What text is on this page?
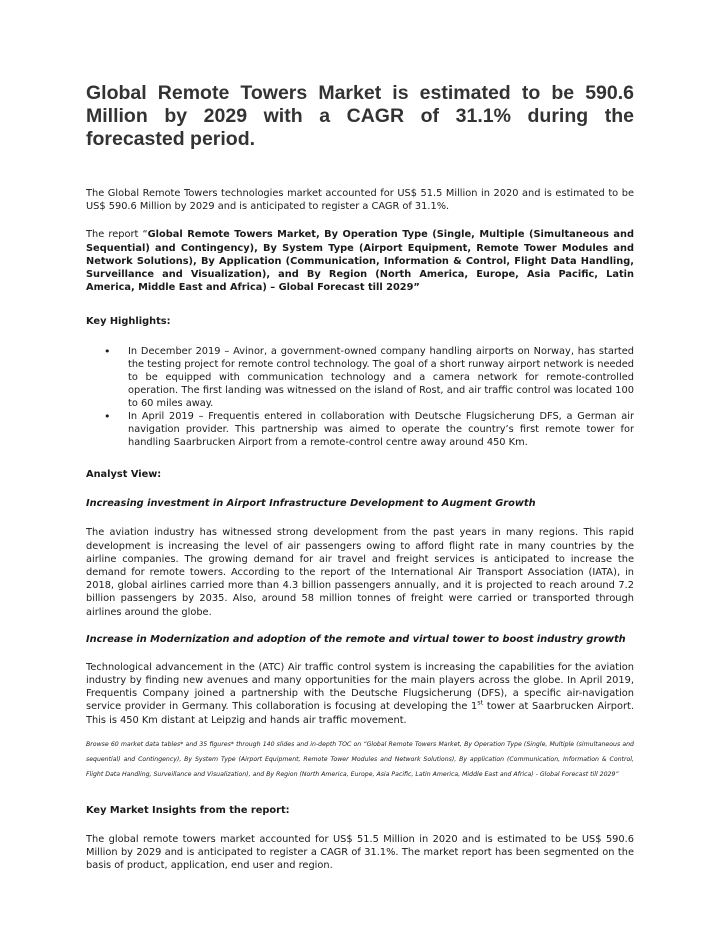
Global Remote Towers Market is estimated to be 590.6 Million by 2029 with a CAGR of 31.1% during the forecasted period.

The Global Remote Towers technologies market accounted for US$ 51.5 Million in 2020 and is estimated to be US$ 590.6 Million by 2029 and is anticipated to register a CAGR of 31.1%.

The report “Global Remote Towers Market, By Operation Type (Single, Multiple (Simultaneous and Sequential) and Contingency), By System Type (Airport Equipment, Remote Tower Modules and Network Solutions), By Application (Communication, Information & Control, Flight Data Handling, Surveillance and Visualization), and By Region (North America, Europe, Asia Pacific, Latin America, Middle East and Africa) – Global Forecast till 2029”

Key Highlights:

• In December 2019 – Avinor, a government-owned company handling airports on Norway, has started the testing project for remote control technology. The goal of a short runway airport network is needed to be equipped with communication technology and a camera network for remote-controlled operation. The first landing was witnessed on the island of Rost, and air traffic control was located 100 to 60 miles away.
• In April 2019 – Frequentis entered in collaboration with Deutsche Flugsicherung DFS, a German air navigation provider. This partnership was aimed to operate the country’s first remote tower for handling Saarbrucken Airport from a remote-control centre away around 450 Km.

Analyst View:

Increasing investment in Airport Infrastructure Development to Augment Growth

The aviation industry has witnessed strong development from the past years in many regions. This rapid development is increasing the level of air passengers owing to afford flight rate in many countries by the airline companies. The growing demand for air travel and freight services is anticipated to increase the demand for remote towers. According to the report of the International Air Transport Association (IATA), in 2018, global airlines carried more than 4.3 billion passengers annually, and it is projected to reach around 7.2 billion passengers by 2035. Also, around 58 million tonnes of freight were carried or transported through airlines around the globe.

Increase in Modernization and adoption of the remote and virtual tower to boost industry growth

Technological advancement in the (ATC) Air traffic control system is increasing the capabilities for the aviation industry by finding new avenues and many opportunities for the main players across the globe. In April 2019, Frequentis Company joined a partnership with the Deutsche Flugsicherung (DFS), a specific air-navigation service provider in Germany. This collaboration is focusing at developing the 1st tower at Saarbrucken Airport. This is 450 Km distant at Leipzig and hands air traffic movement.

Browse 60 market data tables* and 35 figures* through 140 slides and in-depth TOC on “Global Remote Towers Market, By Operation Type (Single, Multiple (simultaneous and sequential) and Contingency), By System Type (Airport Equipment, Remote Tower Modules and Network Solutions), By application (Communication, Information & Control, Flight Data Handling, Surveillance and Visualization), and By Region (North America, Europe, Asia Pacific, Latin America, Middle East and Africa) - Global Forecast till 2029”

Key Market Insights from the report:

The global remote towers market accounted for US$ 51.5 Million in 2020 and is estimated to be US$ 590.6 Million by 2029 and is anticipated to register a CAGR of 31.1%. The market report has been segmented on the basis of product, application, end user and region.
